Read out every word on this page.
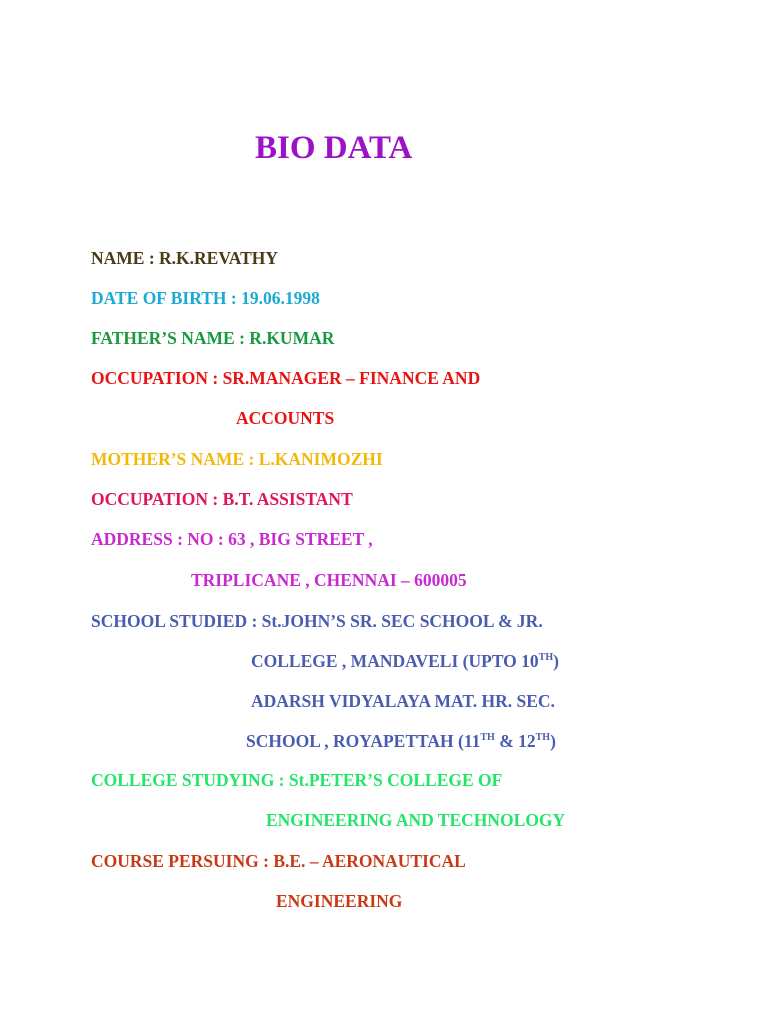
BIO DATA
NAME : R.K.REVATHY
DATE OF BIRTH : 19.06.1998
FATHER’S NAME : R.KUMAR
OCCUPATION : SR.MANAGER – FINANCE AND
ACCOUNTS
MOTHER’S NAME : L.KANIMOZHI
OCCUPATION : B.T. ASSISTANT
ADDRESS : NO : 63 , BIG STREET ,
TRIPLICANE , CHENNAI – 600005
SCHOOL STUDIED : St.JOHN’S SR. SEC SCHOOL & JR.
COLLEGE , MANDAVELI (UPTO 10TH)
ADARSH VIDYALAYA MAT. HR. SEC.
SCHOOL , ROYAPETTAH (11TH & 12TH)
COLLEGE STUDYING : St.PETER’S COLLEGE OF
ENGINEERING AND TECHNOLOGY
COURSE PERSUING : B.E. – AERONAUTICAL
ENGINEERING
